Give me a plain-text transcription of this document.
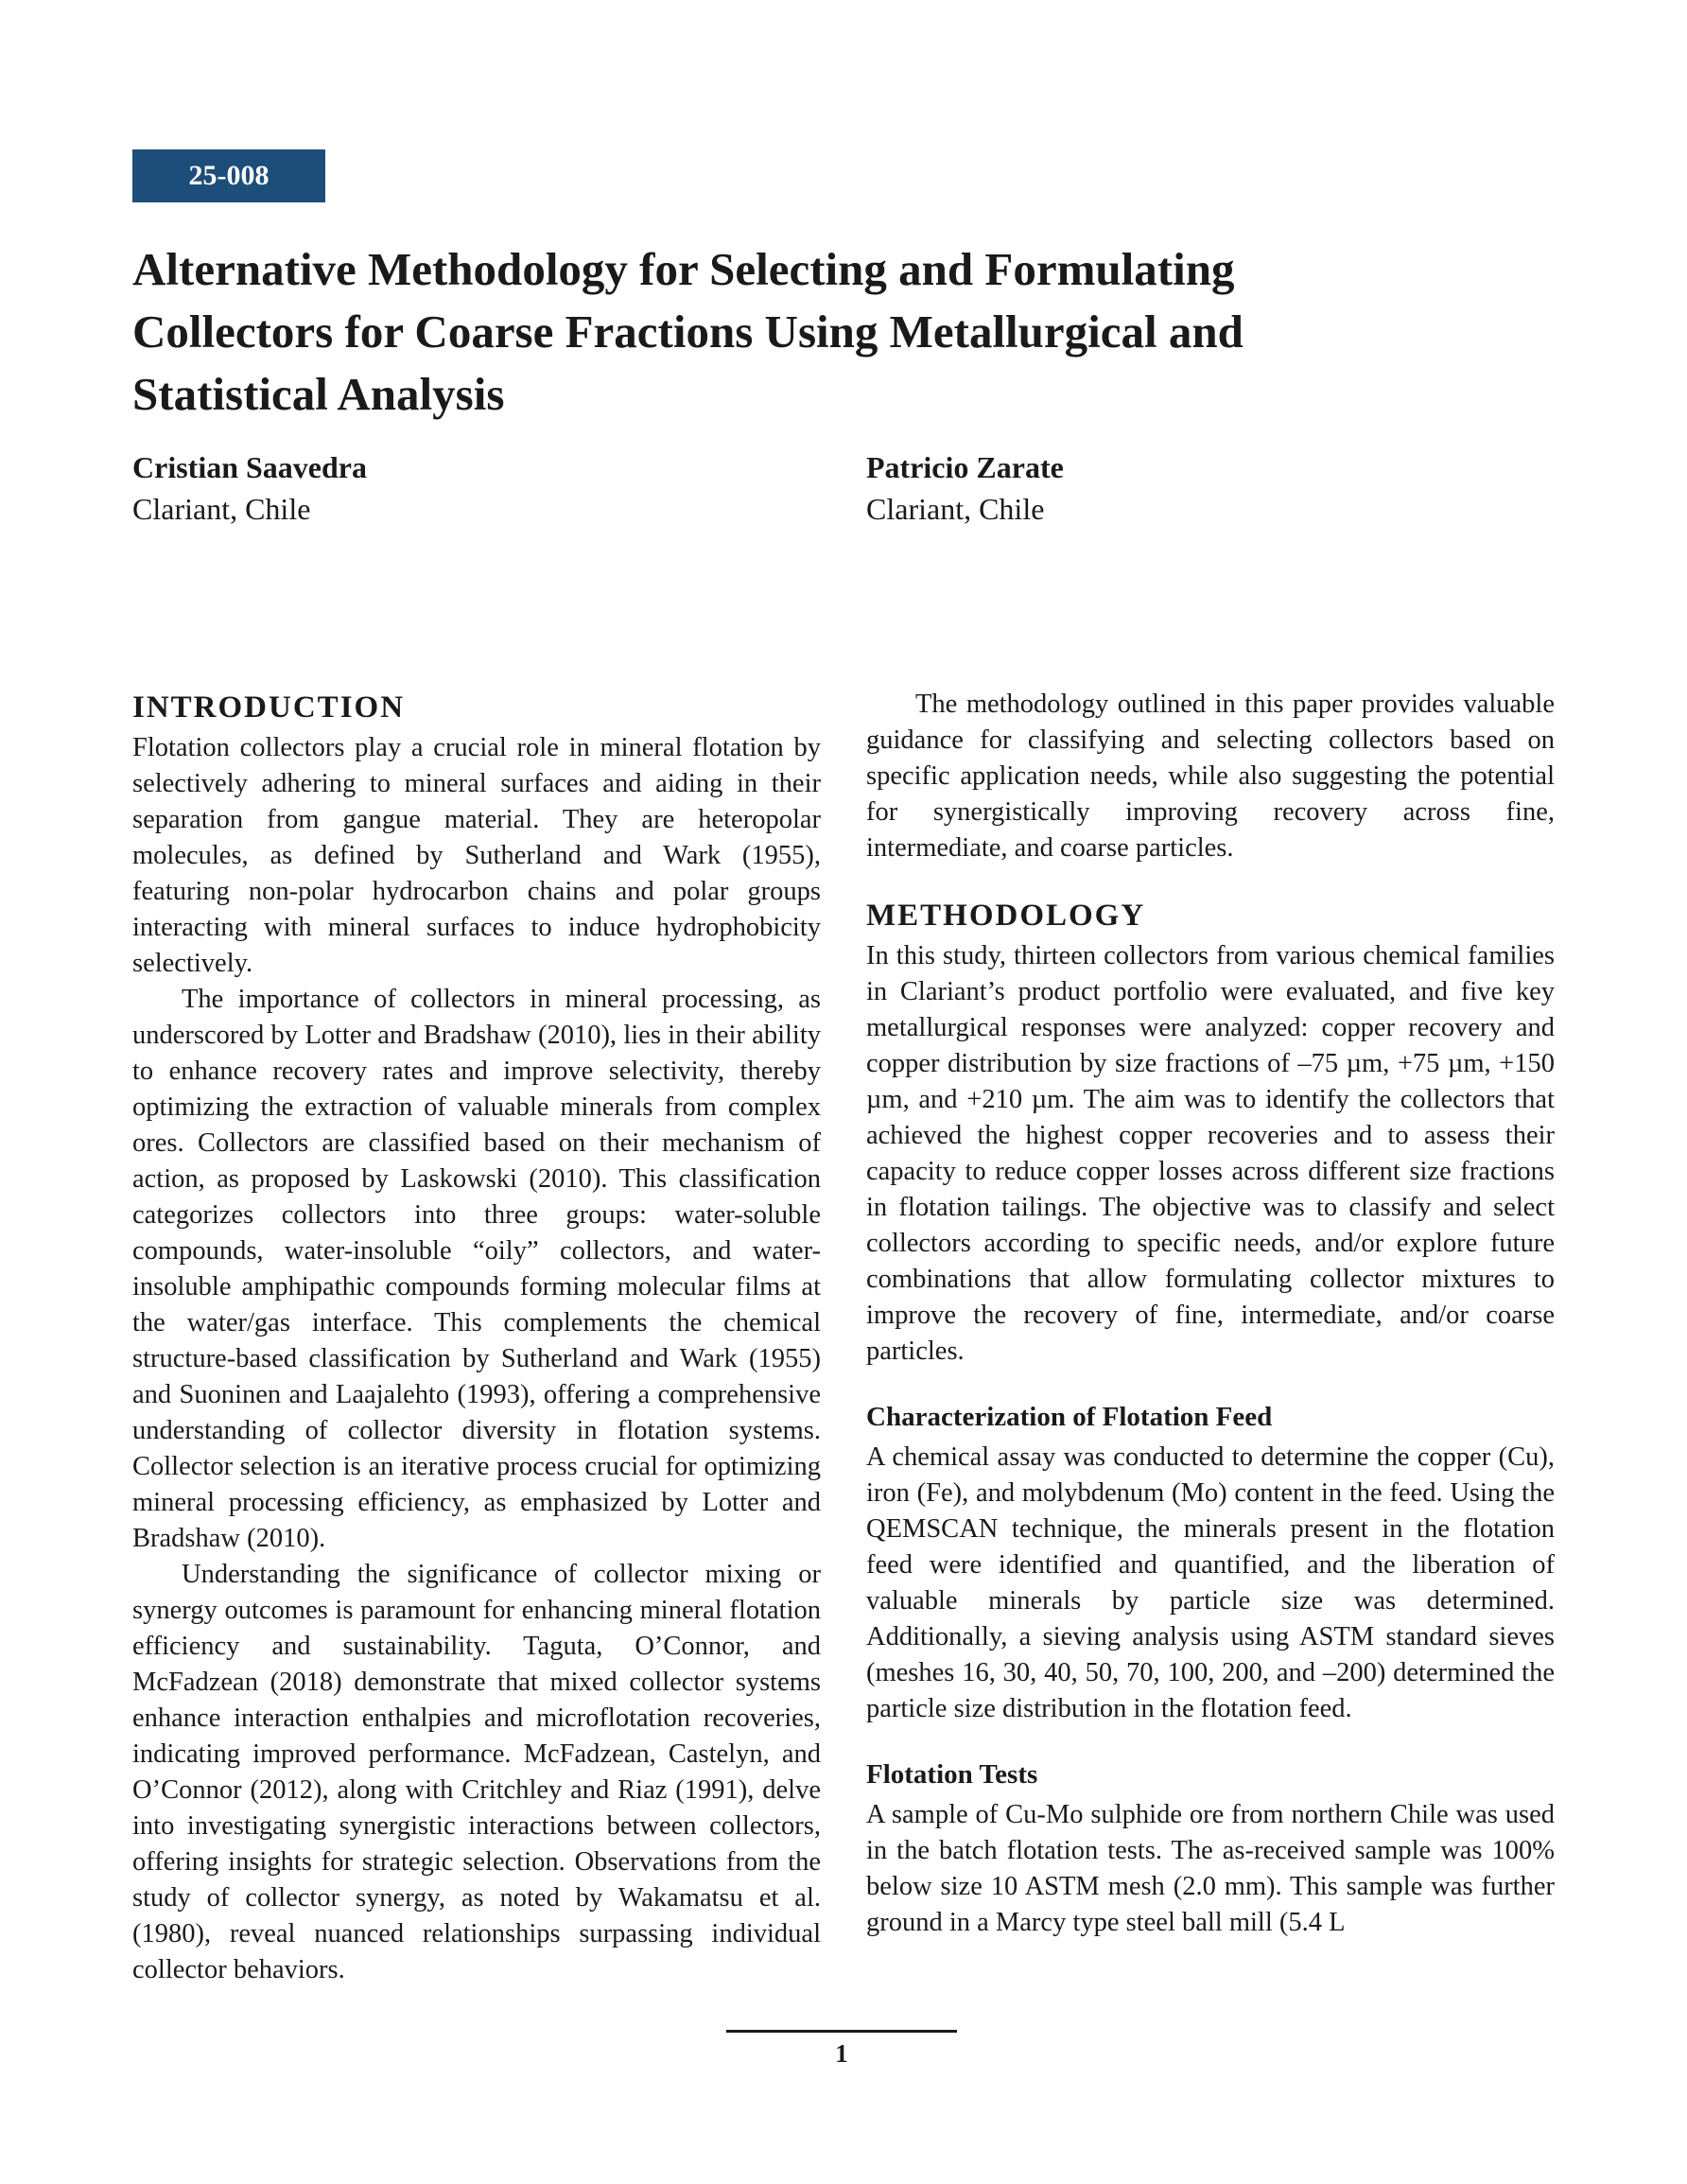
25-008
Alternative Methodology for Selecting and Formulating Collectors for Coarse Fractions Using Metallurgical and Statistical Analysis
Cristian Saavedra
Clariant, Chile
Patricio Zarate
Clariant, Chile
INTRODUCTION

Flotation collectors play a crucial role in mineral flotation by selectively adhering to mineral surfaces and aiding in their separation from gangue material. They are heteropolar molecules, as defined by Sutherland and Wark (1955), featuring non-polar hydrocarbon chains and polar groups interacting with mineral surfaces to induce hydrophobicity selectively.

The importance of collectors in mineral processing, as underscored by Lotter and Bradshaw (2010), lies in their ability to enhance recovery rates and improve selectivity, thereby optimizing the extraction of valuable minerals from complex ores. Collectors are classified based on their mechanism of action, as proposed by Laskowski (2010). This classification categorizes collectors into three groups: water-soluble compounds, water-insoluble “oily” collectors, and water-insoluble amphipathic compounds forming molecular films at the water/gas interface. This complements the chemical structure-based classification by Sutherland and Wark (1955) and Suoninen and Laajalehto (1993), offering a comprehensive understanding of collector diversity in flotation systems. Collector selection is an iterative process crucial for optimizing mineral processing efficiency, as emphasized by Lotter and Bradshaw (2010).

Understanding the significance of collector mixing or synergy outcomes is paramount for enhancing mineral flotation efficiency and sustainability. Taguta, O’Connor, and McFadzean (2018) demonstrate that mixed collector systems enhance interaction enthalpies and microflotation recoveries, indicating improved performance. McFadzean, Castelyn, and O’Connor (2012), along with Critchley and Riaz (1991), delve into investigating synergistic interactions between collectors, offering insights for strategic selection. Observations from the study of collector synergy, as noted by Wakamatsu et al. (1980), reveal nuanced relationships surpassing individual collector behaviors.

The methodology outlined in this paper provides valuable guidance for classifying and selecting collectors based on specific application needs, while also suggesting the potential for synergistically improving recovery across fine, intermediate, and coarse particles.

METHODOLOGY

In this study, thirteen collectors from various chemical families in Clariant’s product portfolio were evaluated, and five key metallurgical responses were analyzed: copper recovery and copper distribution by size fractions of –75 µm, +75 µm, +150 µm, and +210 µm. The aim was to identify the collectors that achieved the highest copper recoveries and to assess their capacity to reduce copper losses across different size fractions in flotation tailings. The objective was to classify and select collectors according to specific needs, and/or explore future combinations that allow formulating collector mixtures to improve the recovery of fine, intermediate, and/or coarse particles.

Characterization of Flotation Feed

A chemical assay was conducted to determine the copper (Cu), iron (Fe), and molybdenum (Mo) content in the feed. Using the QEMSCAN technique, the minerals present in the flotation feed were identified and quantified, and the liberation of valuable minerals by particle size was determined. Additionally, a sieving analysis using ASTM standard sieves (meshes 16, 30, 40, 50, 70, 100, 200, and –200) determined the particle size distribution in the flotation feed.

Flotation Tests

A sample of Cu-Mo sulphide ore from northern Chile was used in the batch flotation tests. The as-received sample was 100% below size 10 ASTM mesh (2.0 mm). This sample was further ground in a Marcy type steel ball mill (5.4 L

1
